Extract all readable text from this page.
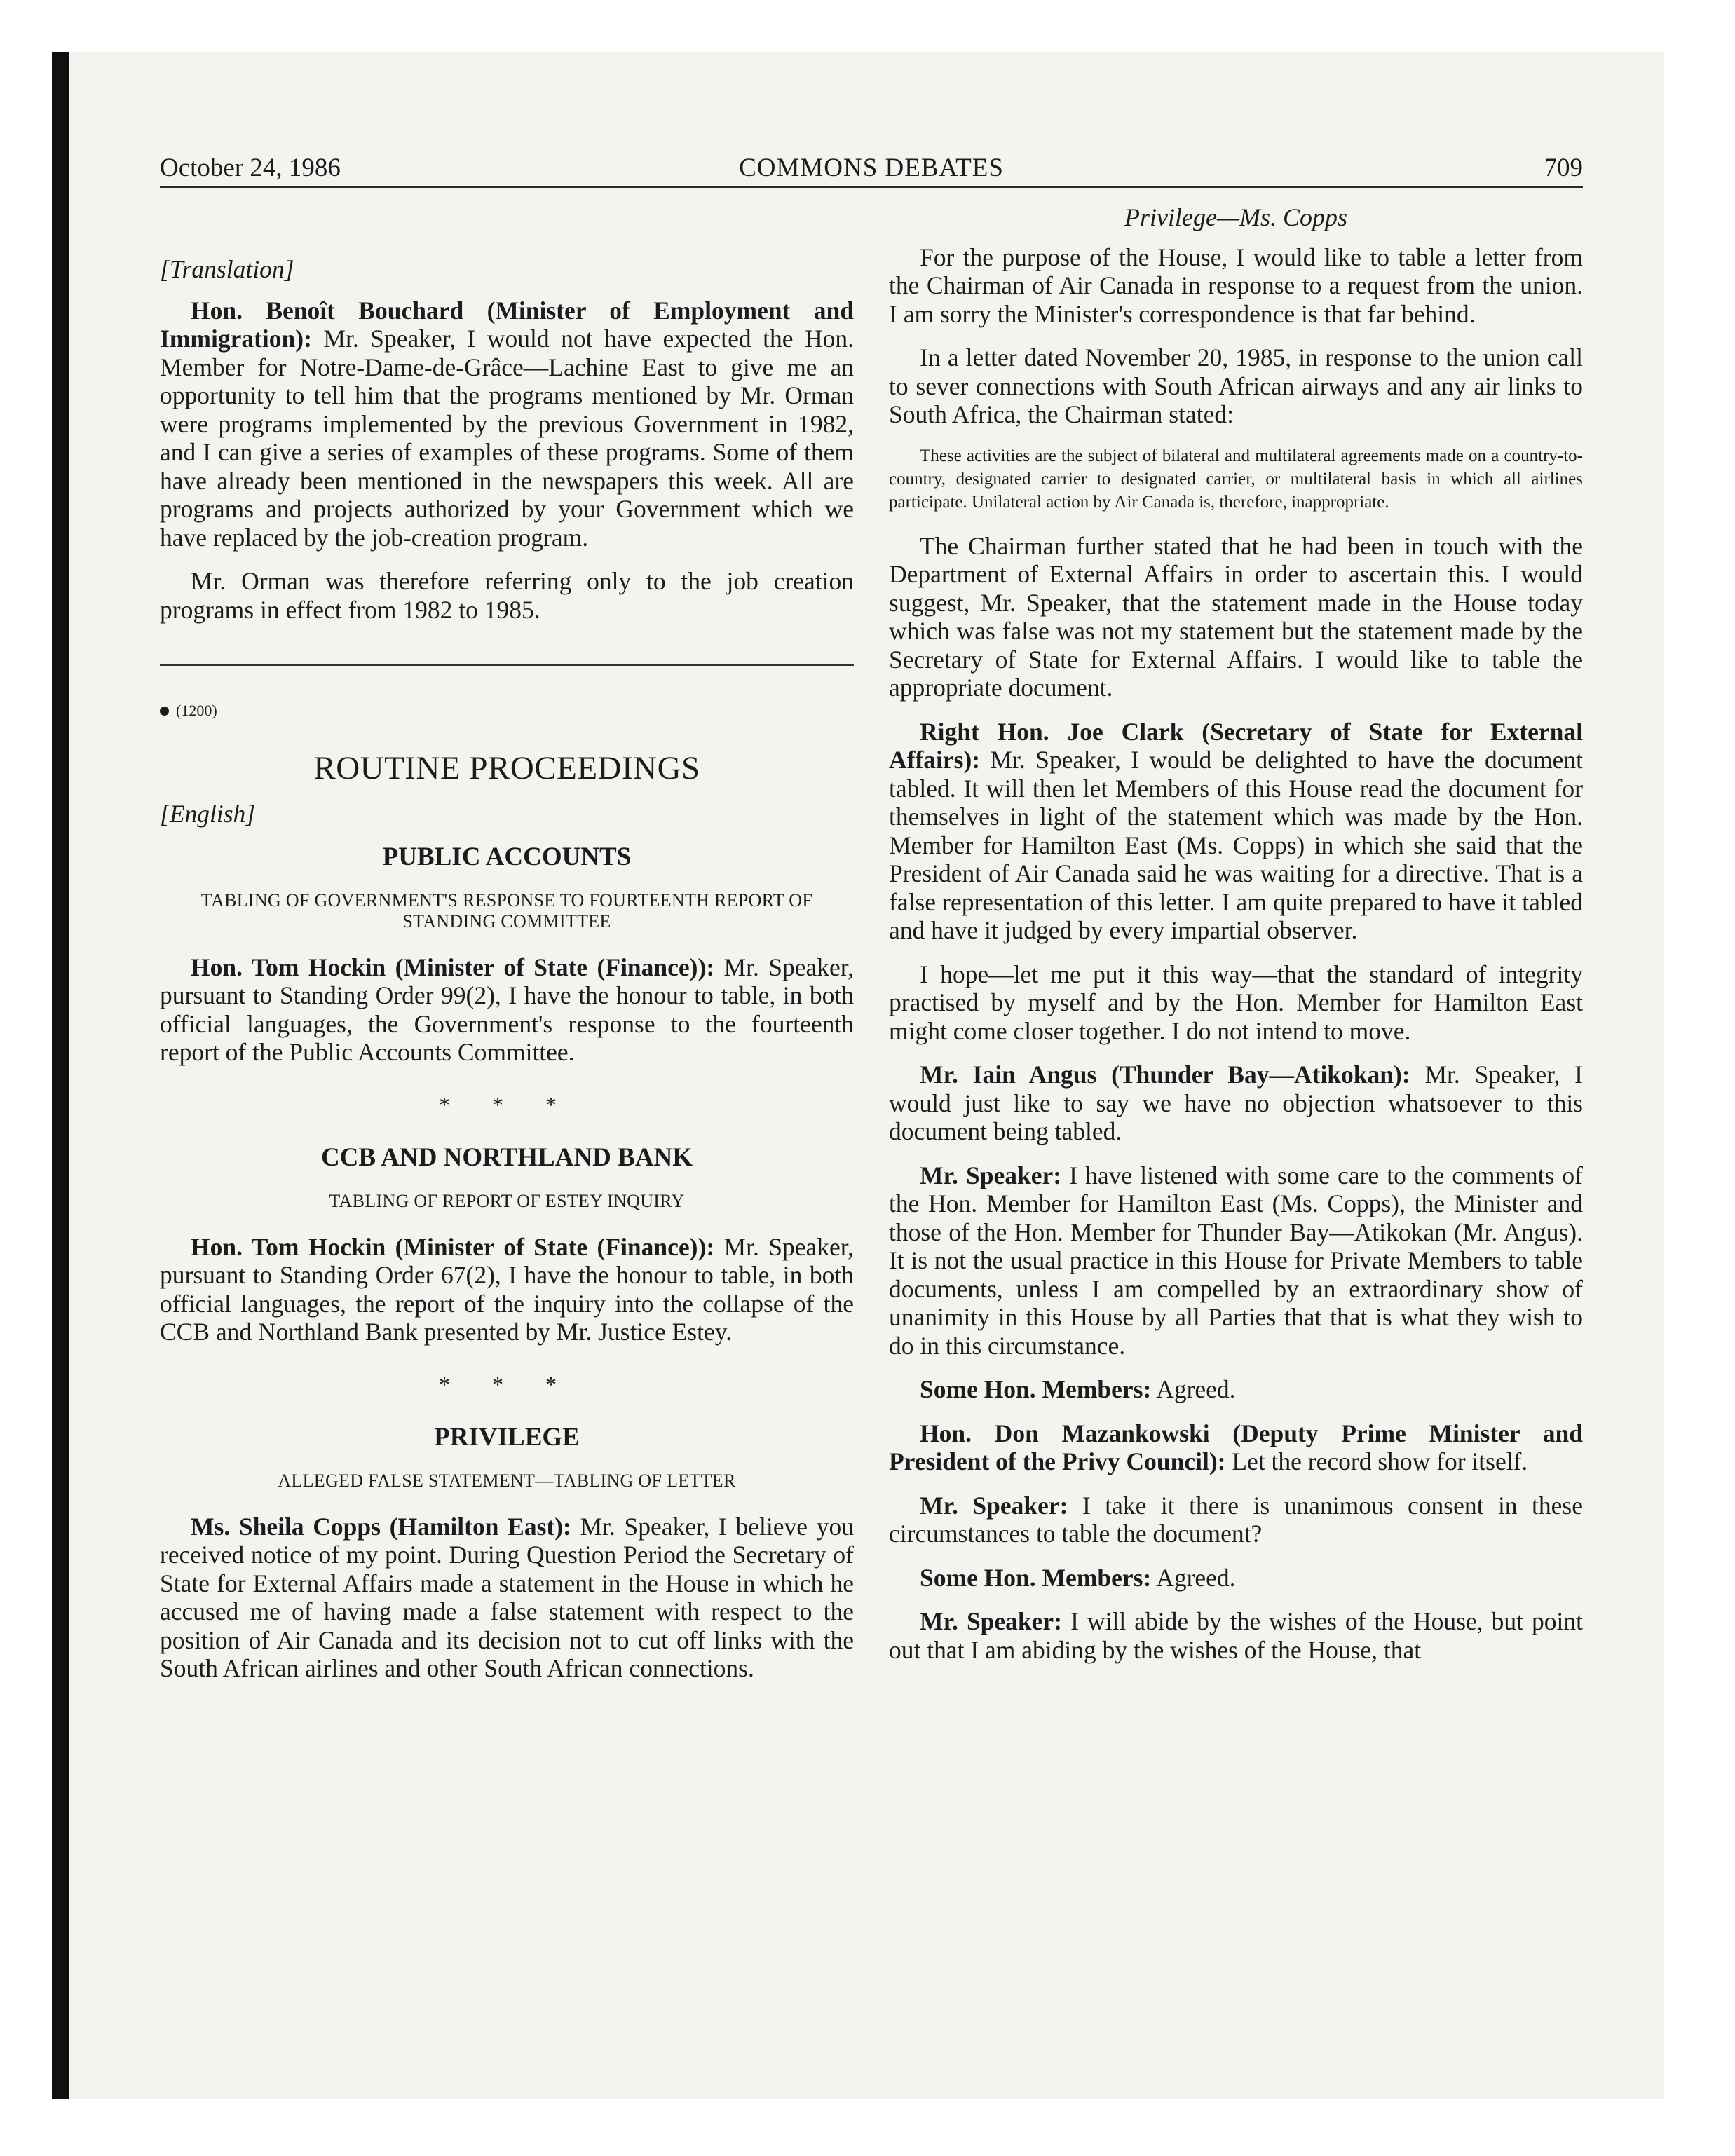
October 24, 1986	COMMONS DEBATES	709

[Translation]

Hon. Benoît Bouchard (Minister of Employment and Immigration): Mr. Speaker, I would not have expected the Hon. Member for Notre-Dame-de-Grâce—Lachine East to give me an opportunity to tell him that the programs mentioned by Mr. Orman were programs implemented by the previous Government in 1982, and I can give a series of examples of these programs. Some of them have already been mentioned in the newspapers this week. All are programs and projects authorized by your Government which we have replaced by the job-creation program.

Mr. Orman was therefore referring only to the job creation programs in effect from 1982 to 1985.

(1200)

ROUTINE PROCEEDINGS

[English]

PUBLIC ACCOUNTS

TABLING OF GOVERNMENT'S RESPONSE TO FOURTEENTH REPORT OF STANDING COMMITTEE

Hon. Tom Hockin (Minister of State (Finance)): Mr. Speaker, pursuant to Standing Order 99(2), I have the honour to table, in both official languages, the Government's response to the fourteenth report of the Public Accounts Committee.

* * *

CCB AND NORTHLAND BANK

TABLING OF REPORT OF ESTEY INQUIRY

Hon. Tom Hockin (Minister of State (Finance)): Mr. Speaker, pursuant to Standing Order 67(2), I have the honour to table, in both official languages, the report of the inquiry into the collapse of the CCB and Northland Bank presented by Mr. Justice Estey.

* * *

PRIVILEGE

ALLEGED FALSE STATEMENT—TABLING OF LETTER

Ms. Sheila Copps (Hamilton East): Mr. Speaker, I believe you received notice of my point. During Question Period the Secretary of State for External Affairs made a statement in the House in which he accused me of having made a false statement with respect to the position of Air Canada and its decision not to cut off links with the South African airlines and other South African connections.

Privilege—Ms. Copps

For the purpose of the House, I would like to table a letter from the Chairman of Air Canada in response to a request from the union. I am sorry the Minister's correspondence is that far behind.

In a letter dated November 20, 1985, in response to the union call to sever connections with South African airways and any air links to South Africa, the Chairman stated:

These activities are the subject of bilateral and multilateral agreements made on a country-to-country, designated carrier to designated carrier, or multilateral basis in which all airlines participate. Unilateral action by Air Canada is, therefore, inappropriate.

The Chairman further stated that he had been in touch with the Department of External Affairs in order to ascertain this. I would suggest, Mr. Speaker, that the statement made in the House today which was false was not my statement but the statement made by the Secretary of State for External Affairs. I would like to table the appropriate document.

Right Hon. Joe Clark (Secretary of State for External Affairs): Mr. Speaker, I would be delighted to have the document tabled. It will then let Members of this House read the document for themselves in light of the statement which was made by the Hon. Member for Hamilton East (Ms. Copps) in which she said that the President of Air Canada said he was waiting for a directive. That is a false representation of this letter. I am quite prepared to have it tabled and have it judged by every impartial observer.

I hope—let me put it this way—that the standard of integrity practised by myself and by the Hon. Member for Hamilton East might come closer together. I do not intend to move.

Mr. Iain Angus (Thunder Bay—Atikokan): Mr. Speaker, I would just like to say we have no objection whatsoever to this document being tabled.

Mr. Speaker: I have listened with some care to the comments of the Hon. Member for Hamilton East (Ms. Copps), the Minister and those of the Hon. Member for Thunder Bay—Atikokan (Mr. Angus). It is not the usual practice in this House for Private Members to table documents, unless I am compelled by an extraordinary show of unanimity in this House by all Parties that that is what they wish to do in this circumstance.

Some Hon. Members: Agreed.

Hon. Don Mazankowski (Deputy Prime Minister and President of the Privy Council): Let the record show for itself.

Mr. Speaker: I take it there is unanimous consent in these circumstances to table the document?

Some Hon. Members: Agreed.

Mr. Speaker: I will abide by the wishes of the House, but point out that I am abiding by the wishes of the House, that
